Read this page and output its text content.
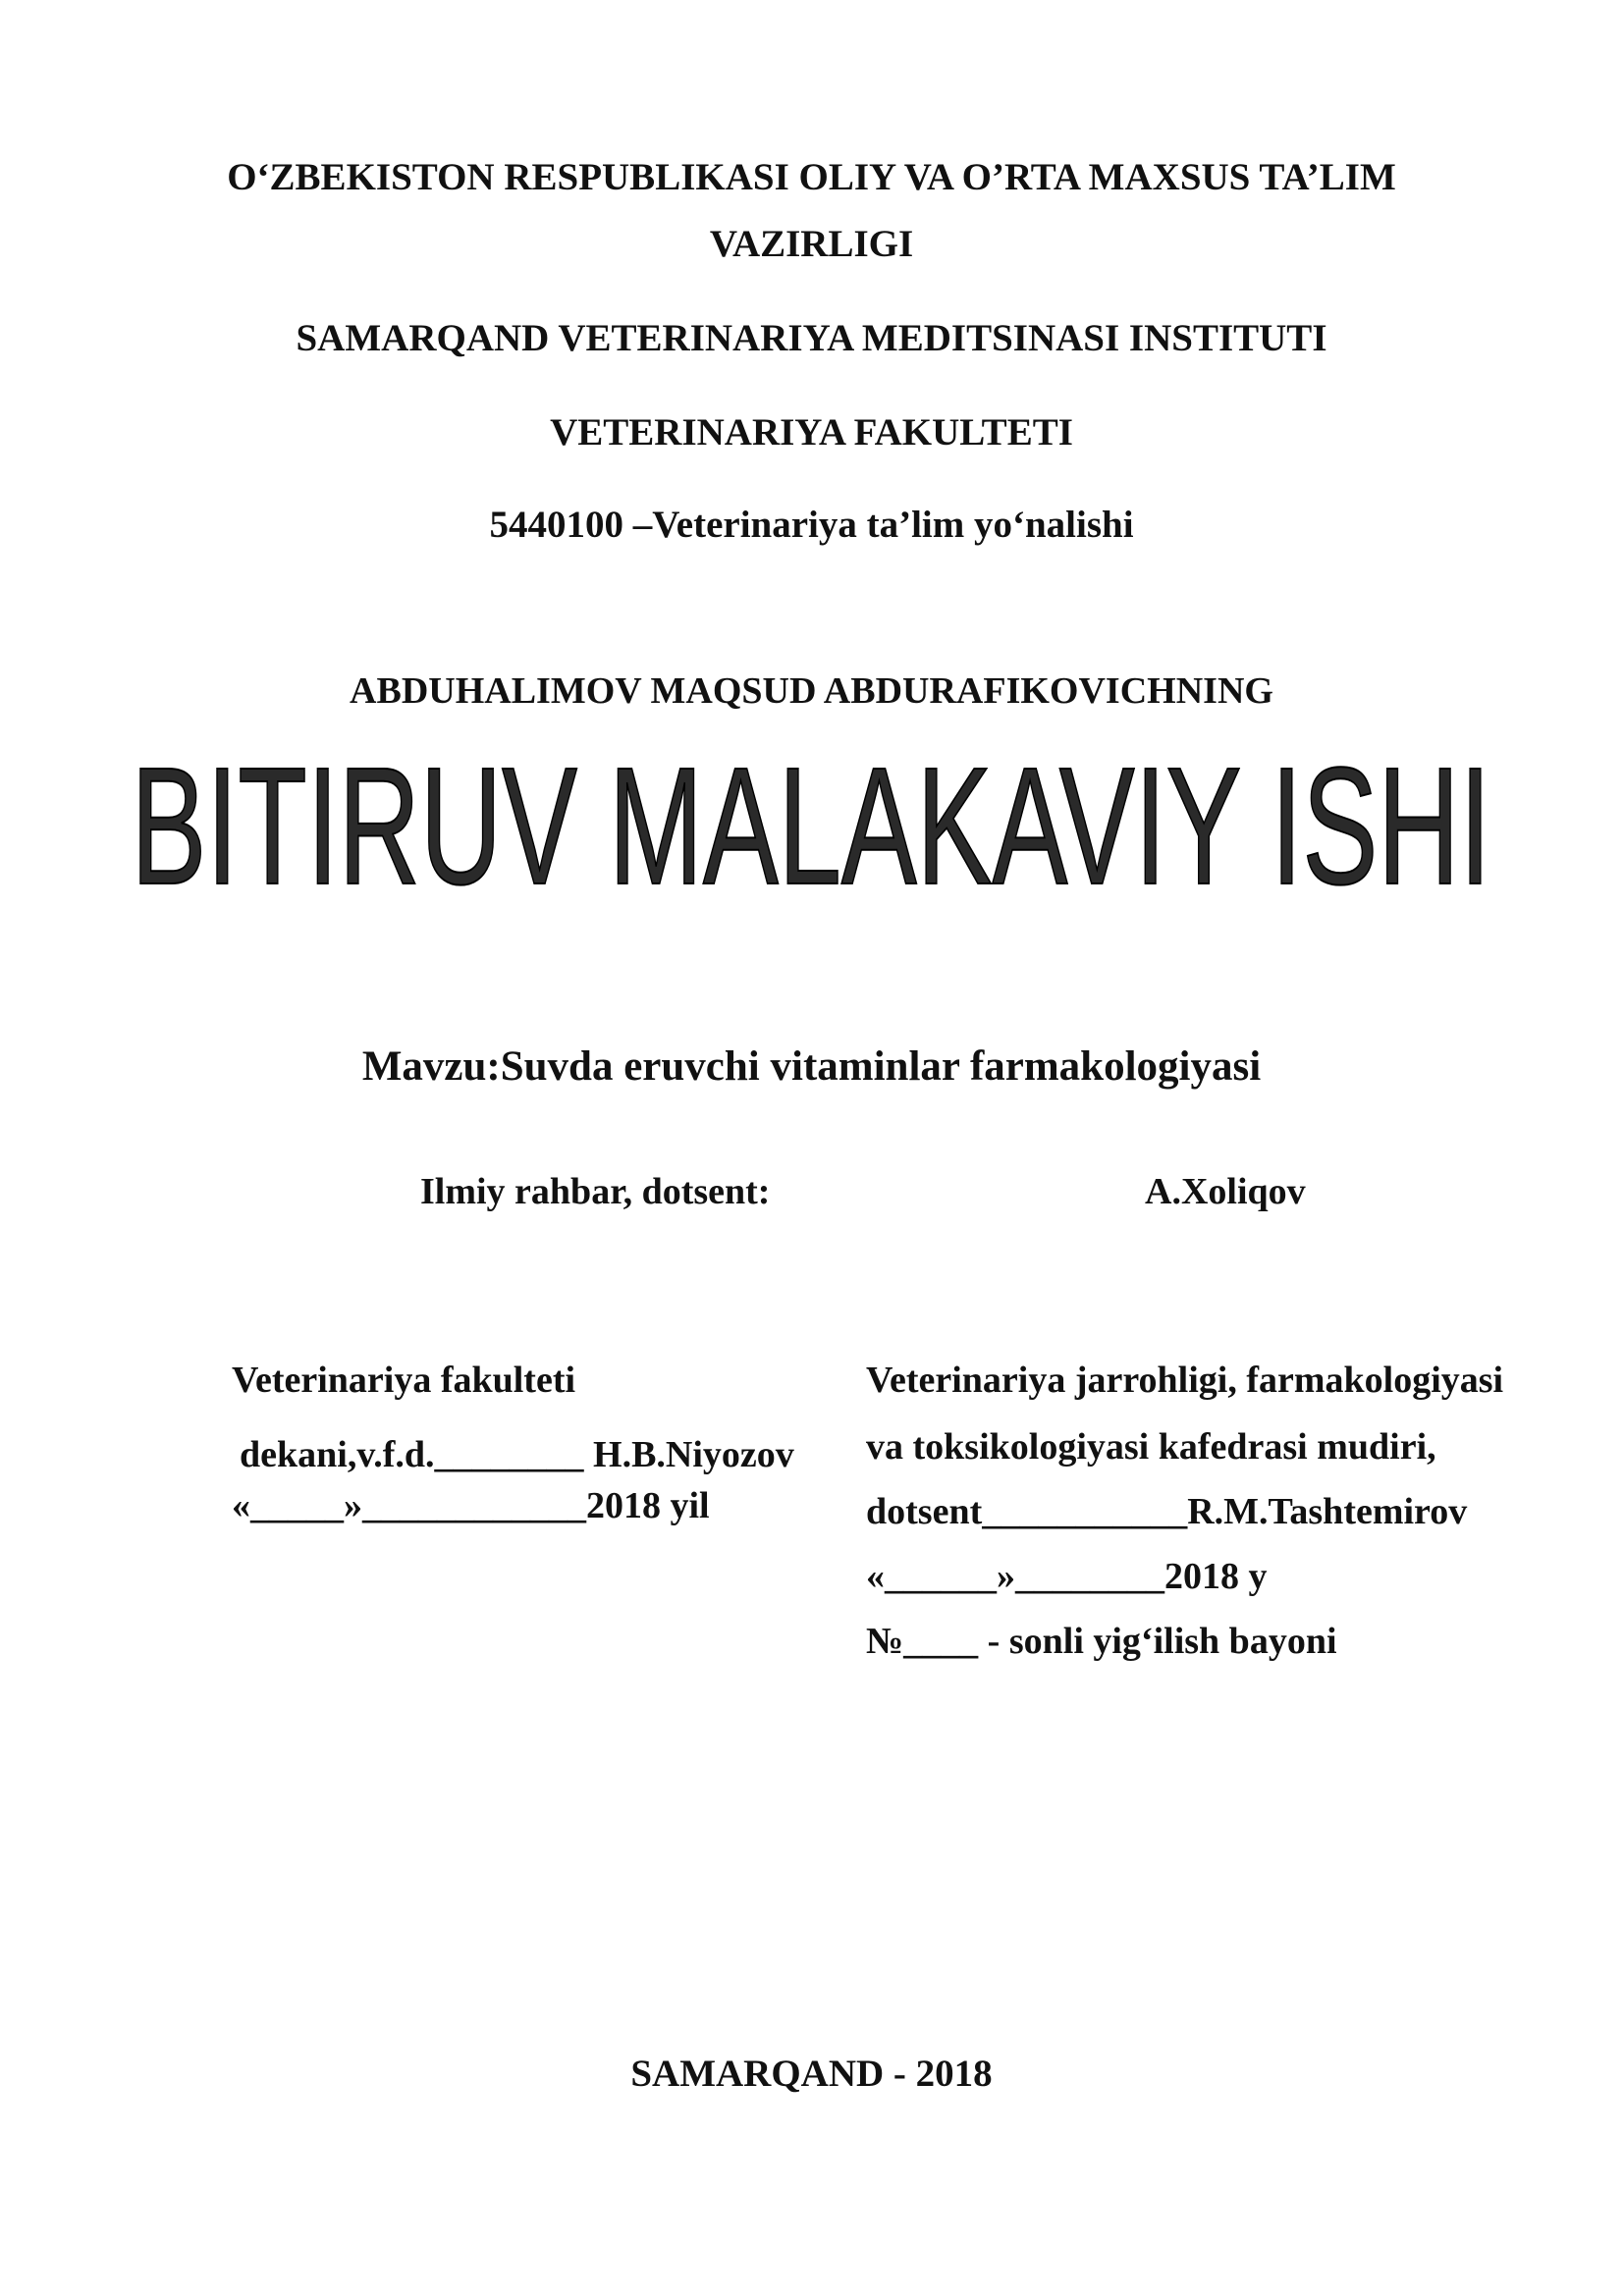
O‘ZBEKISTON RESPUBLIKASI OLIY VA O’RTA MAXSUS TA’LIM
VAZIRLIGI
SAMARQAND VETERINARIYA MEDITSINASI INSTITUTI
VETERINARIYA FAKULTETI
5440100 –Veterinariya ta’lim yo‘nalishi
ABDUHALIMOV MAQSUD ABDURAFIKOVICHNING
BITIRUV MALAKAVIY ISHI
Mavzu:Suvda eruvchi vitaminlar farmakologiyasi
Ilmiy rahbar, dotsent:	A.Xoliqov
Veterinariya fakulteti
dekani,v.f.d.________ H.B.Niyozov
«_____»____________2018 yil
Veterinariya jarrohligi, farmakologiyasi
va toksikologiyasi kafedrasi mudiri,
dotsent___________R.M.Tashtemirov
«______»________2018 y
№____ - sonli yig‘ilish bayoni
SAMARQAND - 2018
